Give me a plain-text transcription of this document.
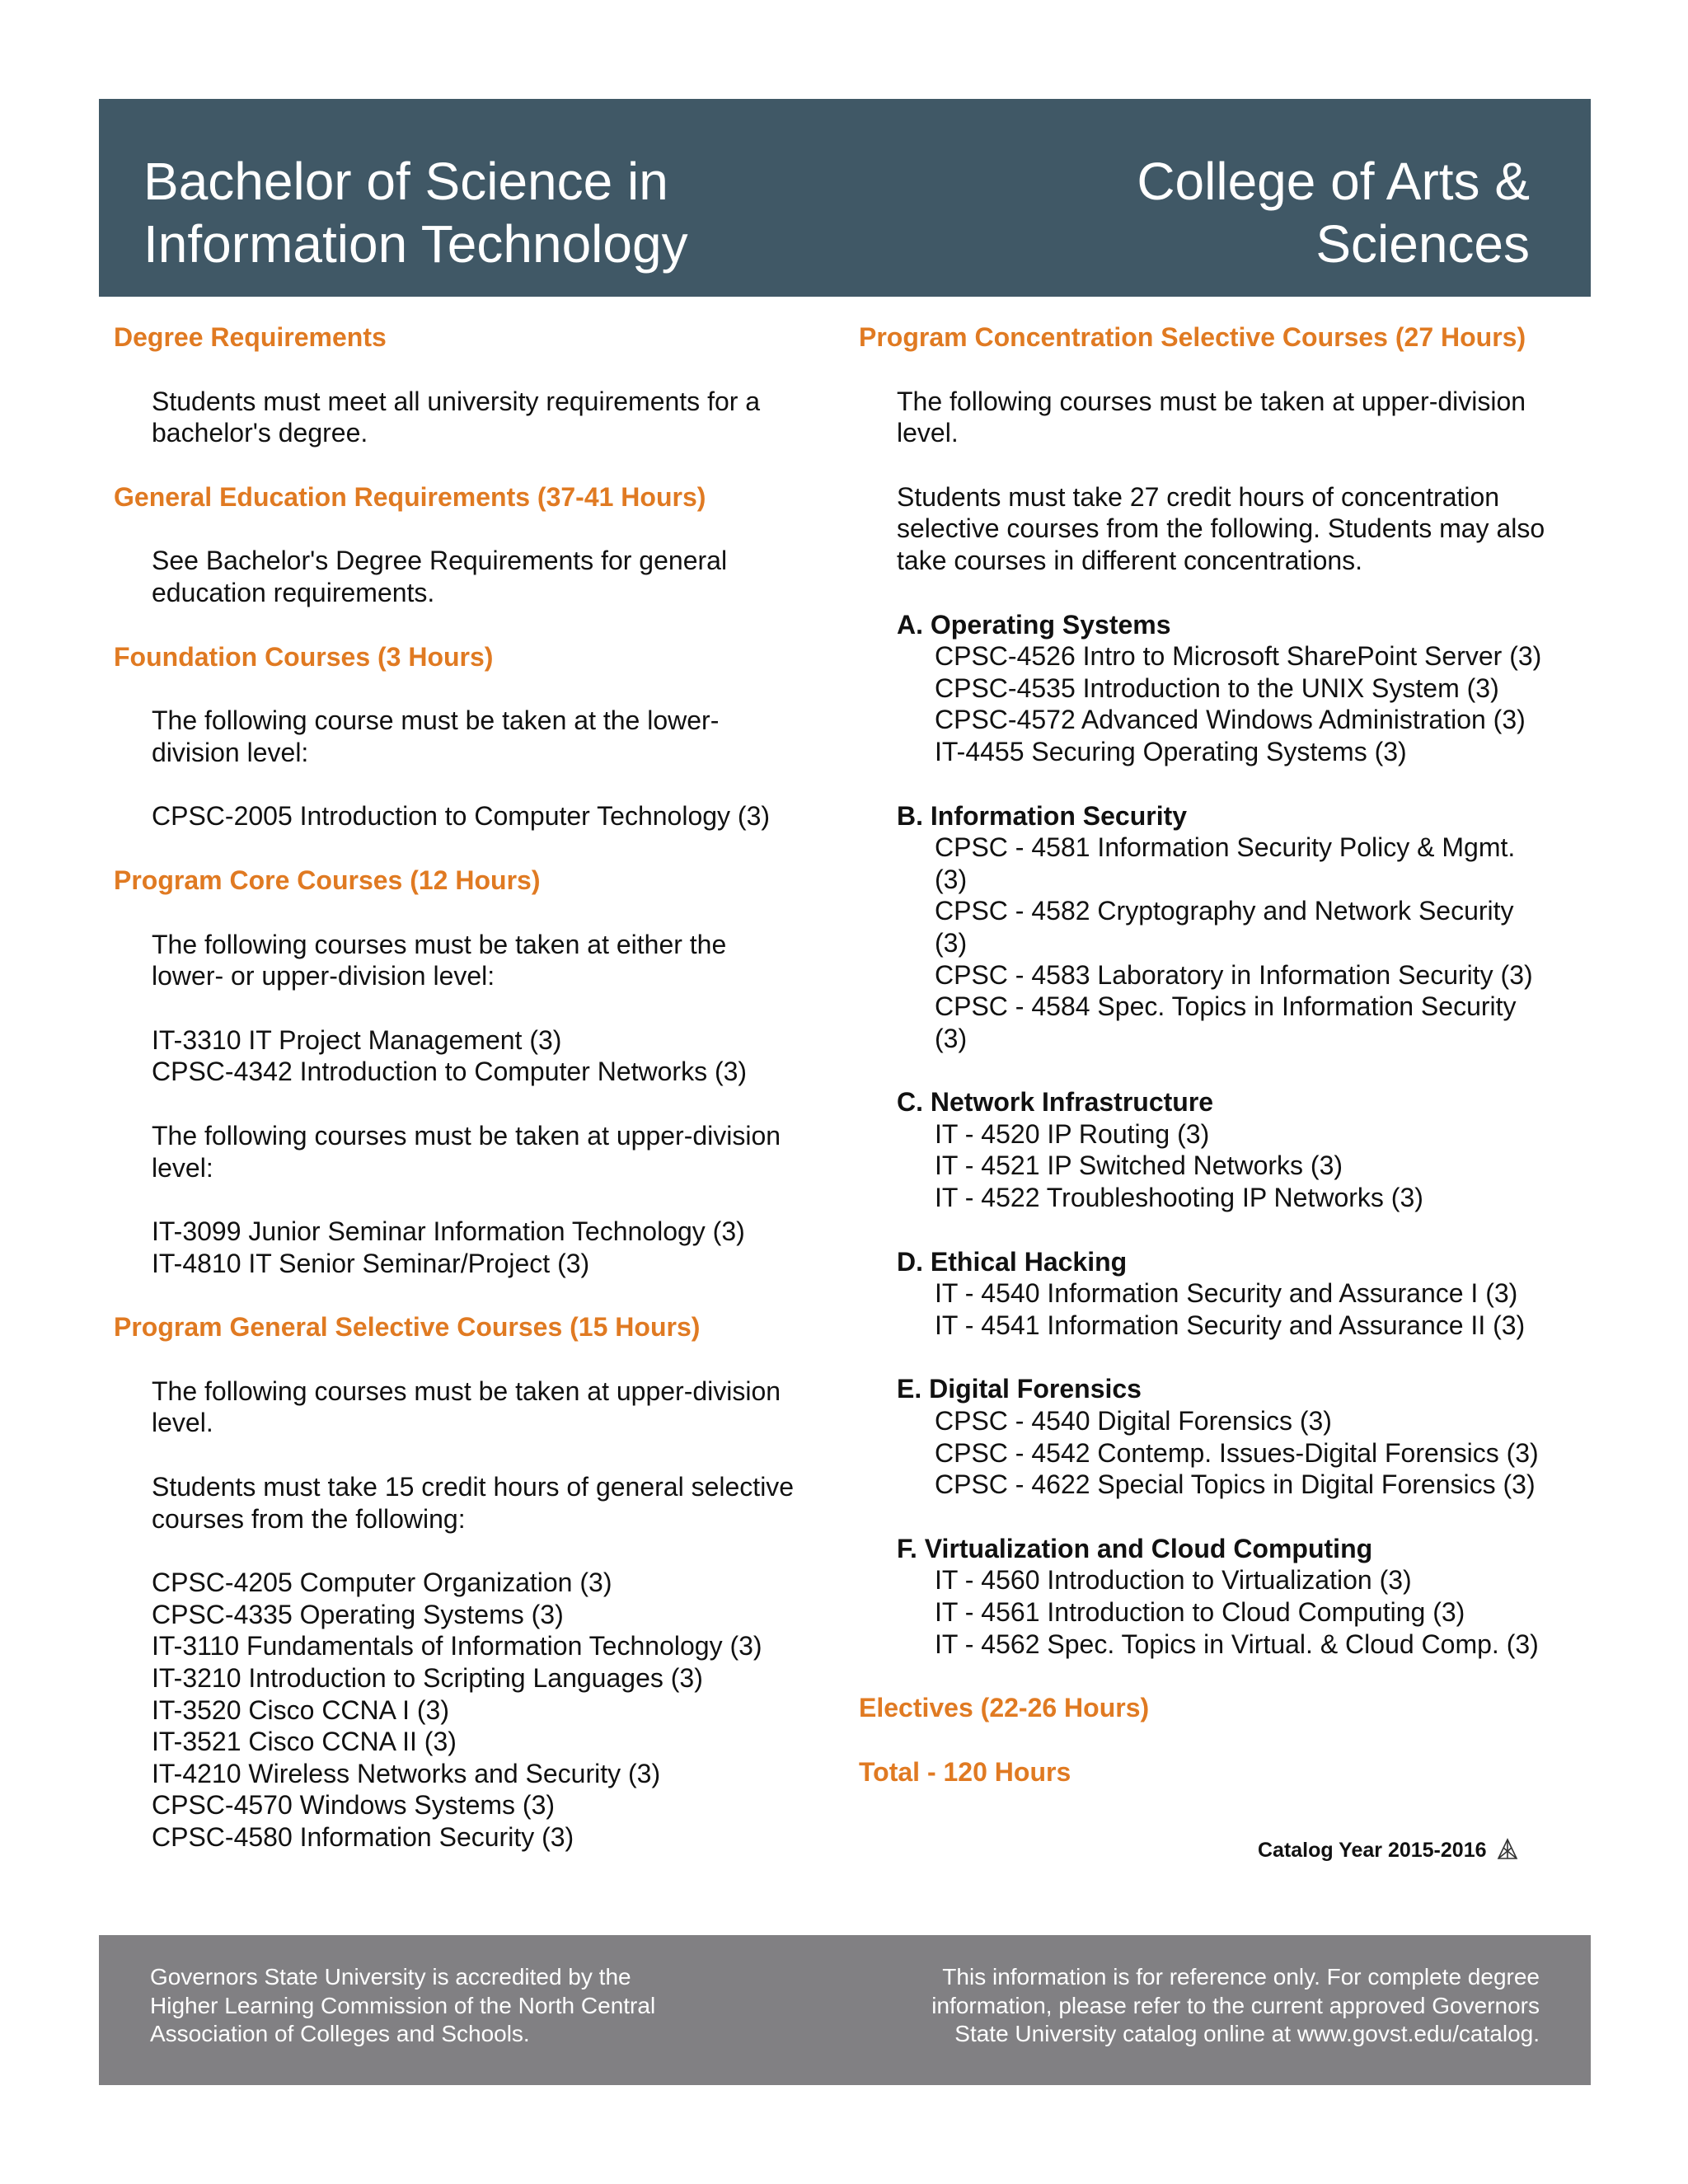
Bachelor of Science in
Information Technology
College of Arts &
Sciences
Degree Requirements
Students must meet all university requirements for a
bachelor's degree.
General Education Requirements (37-41 Hours)
See Bachelor's Degree Requirements for general
education requirements.
Foundation Courses (3 Hours)
The following course must be taken at the lower-
division level:
CPSC-2005 Introduction to Computer Technology (3)
Program Core Courses (12 Hours)
The following courses must be taken at either the
lower- or upper-division level:
IT-3310 IT Project Management (3)
CPSC-4342 Introduction to Computer Networks (3)
The following courses must be taken at upper-division
level:
IT-3099 Junior Seminar Information Technology (3)
IT-4810 IT Senior Seminar/Project (3)
Program General Selective Courses (15 Hours)
The following courses must be taken at upper-division
level.
Students must take 15 credit hours of general selective
courses from the following:
CPSC-4205 Computer Organization (3)
CPSC-4335 Operating Systems (3)
IT-3110 Fundamentals of Information Technology (3)
IT-3210 Introduction to Scripting Languages (3)
IT-3520 Cisco CCNA I (3)
IT-3521 Cisco CCNA II (3)
IT-4210 Wireless Networks and Security (3)
CPSC-4570 Windows Systems (3)
CPSC-4580 Information Security (3)
Program Concentration Selective Courses (27 Hours)
The following courses must be taken at upper-division
level.
Students must take 27 credit hours of concentration
selective courses from the following. Students may also
take courses in different concentrations.
A. Operating Systems
CPSC-4526 Intro to Microsoft SharePoint Server (3)
CPSC-4535 Introduction to the UNIX System (3)
CPSC-4572 Advanced Windows Administration (3)
IT-4455 Securing Operating Systems (3)
B. Information Security
CPSC - 4581 Information Security Policy & Mgmt.
(3)
CPSC - 4582 Cryptography and Network Security
(3)
CPSC - 4583 Laboratory in Information Security (3)
CPSC - 4584 Spec. Topics in Information Security
(3)
C. Network Infrastructure
IT - 4520 IP Routing (3)
IT - 4521 IP Switched Networks (3)
IT - 4522 Troubleshooting IP Networks (3)
D. Ethical Hacking
IT - 4540 Information Security and Assurance I (3)
IT - 4541 Information Security and Assurance II (3)
E. Digital Forensics
CPSC - 4540 Digital Forensics (3)
CPSC - 4542 Contemp. Issues-Digital Forensics (3)
CPSC - 4622 Special Topics in Digital Forensics (3)
F. Virtualization and Cloud Computing
IT - 4560 Introduction to Virtualization (3)
IT - 4561 Introduction to Cloud Computing (3)
IT - 4562 Spec. Topics in Virtual. & Cloud Comp. (3)
Electives (22-26 Hours)
Total - 120 Hours
Catalog Year 2015-2016
Governors State University is accredited by the
Higher Learning Commission of the North Central
Association of Colleges and Schools.
This information is for reference only. For complete degree
information, please refer to the current approved Governors
State University catalog online at www.govst.edu/catalog.
